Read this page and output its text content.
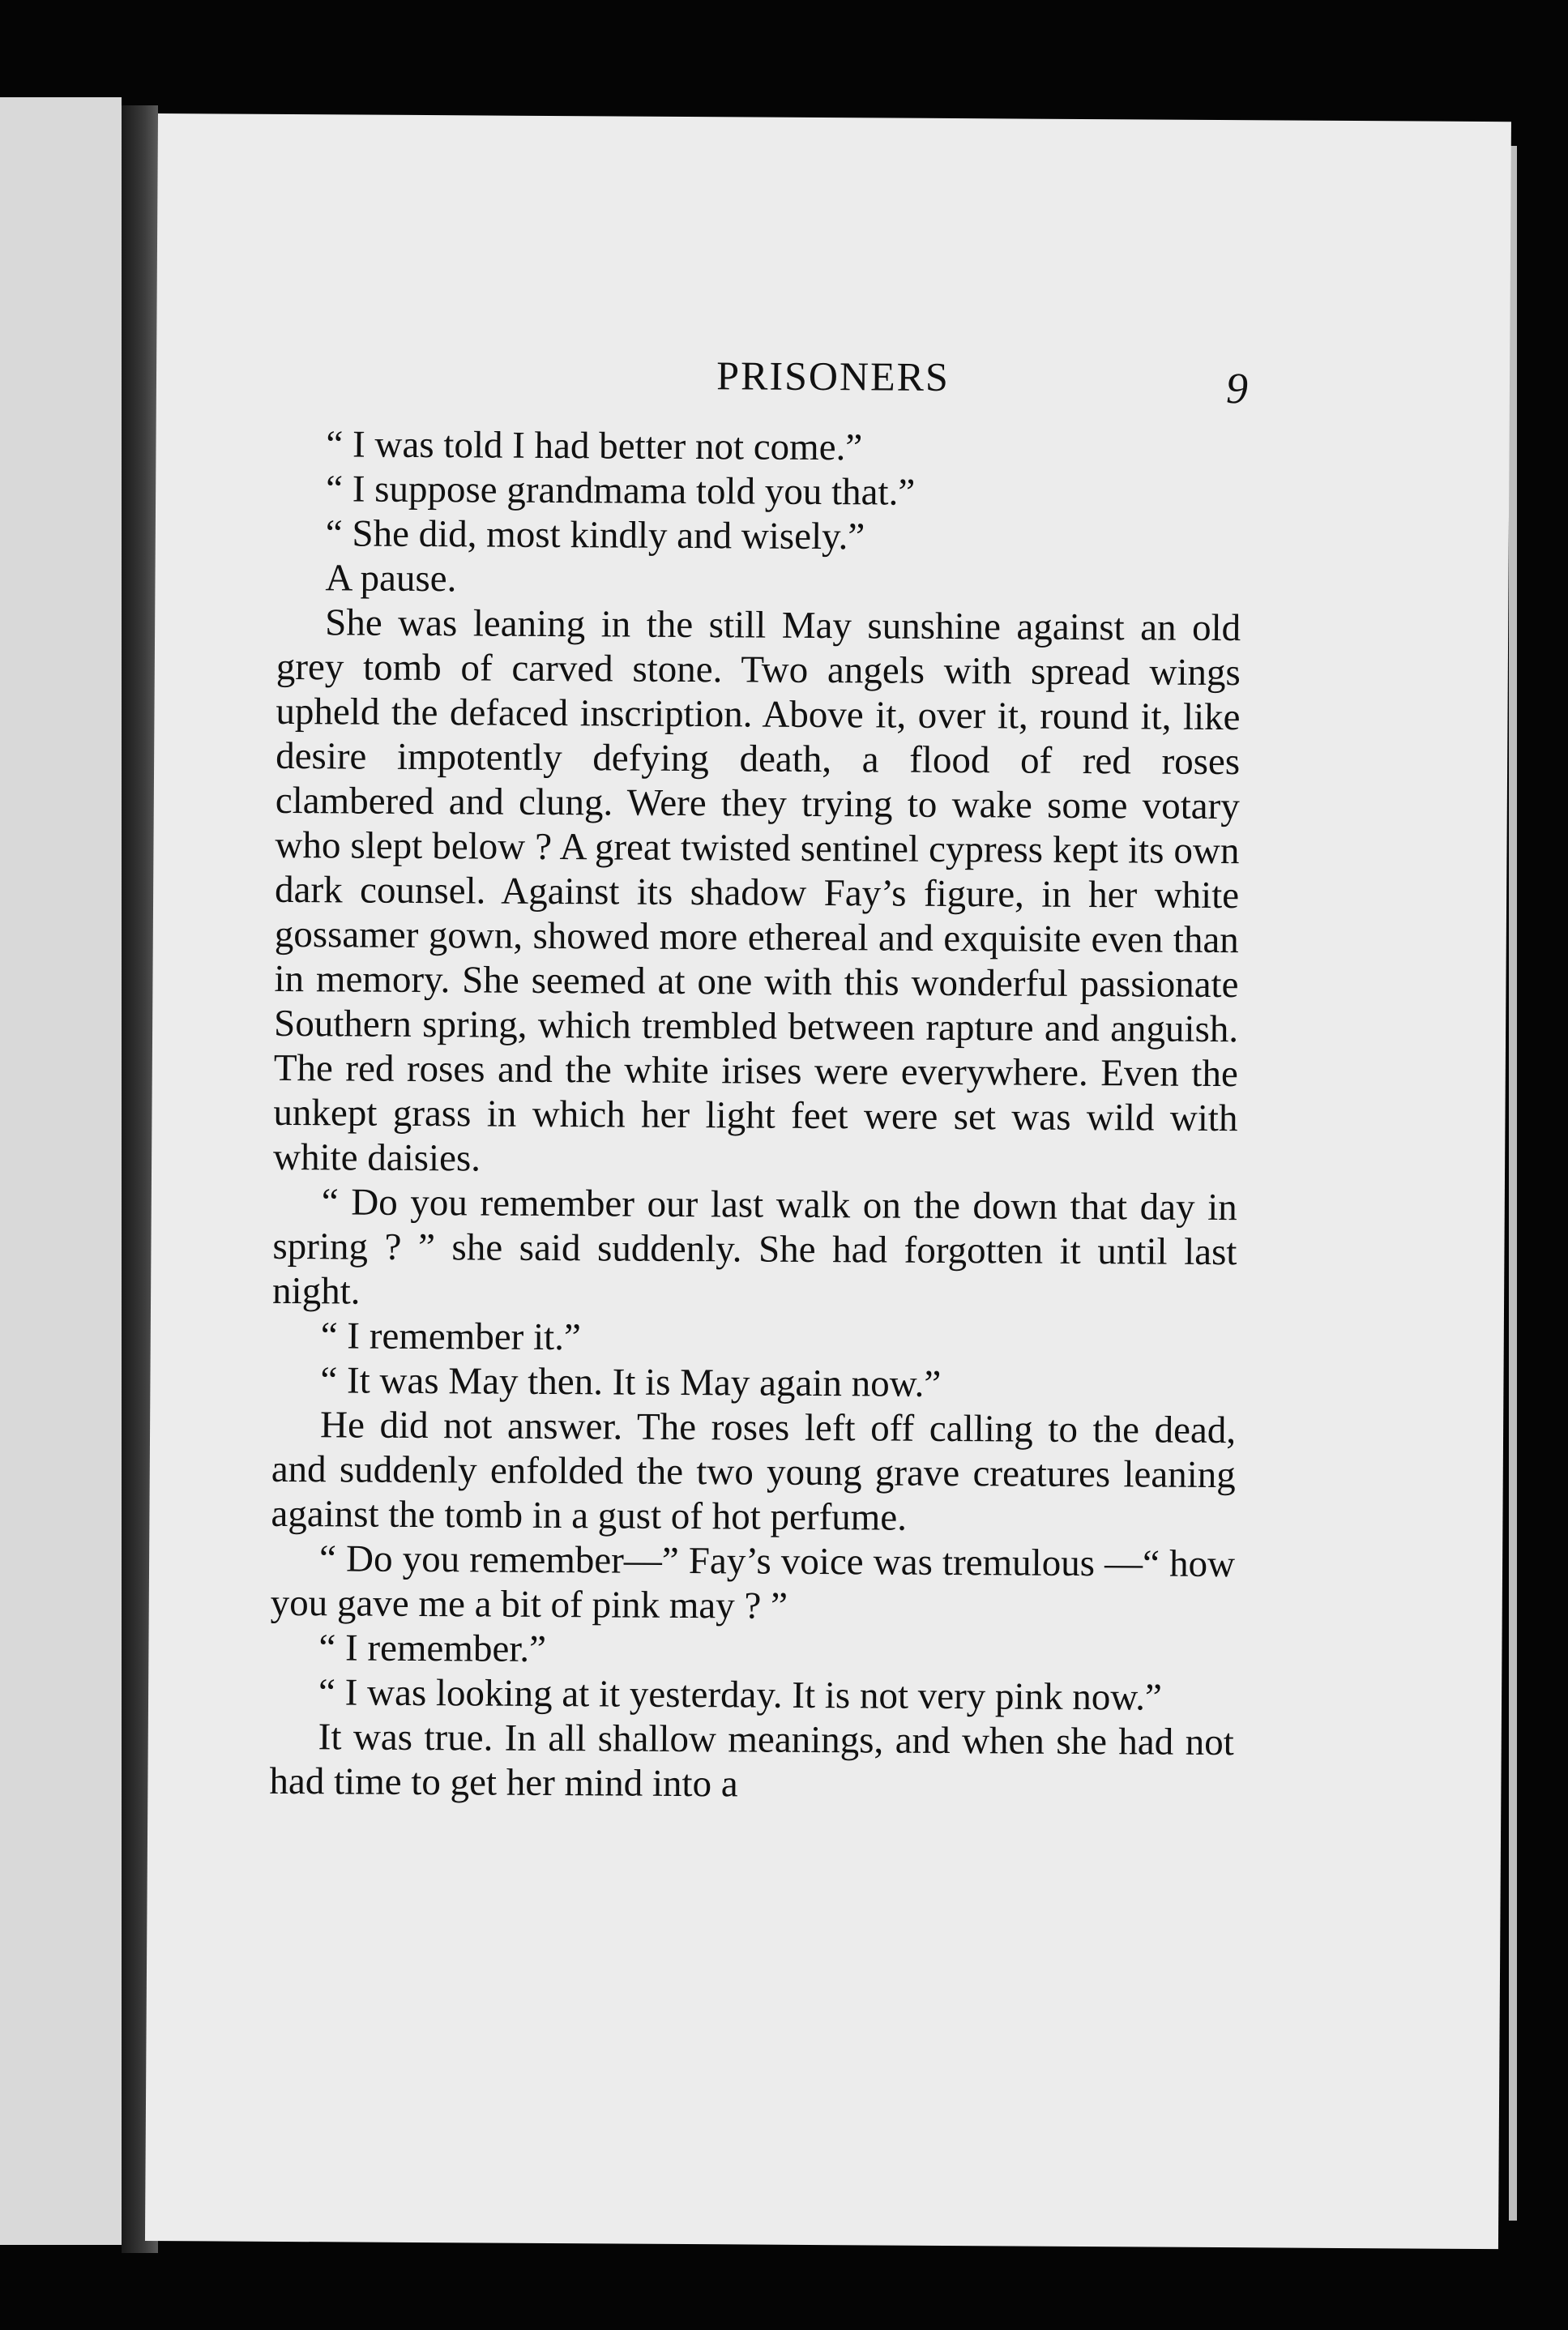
PRISONERS	9

“ I was told I had better not come.”

“ I suppose grandmama told you that.”

“ She did, most kindly and wisely.”

A pause.

She was leaning in the still May sunshine against an old grey tomb of carved stone. Two angels with spread wings upheld the defaced inscription. Above it, over it, round it, like desire impotently defying death, a flood of red roses clambered and clung. Were they trying to wake some votary who slept below ? A great twisted sentinel cypress kept its own dark counsel. Against its shadow Fay’s figure, in her white gossamer gown, showed more ethereal and exquisite even than in memory. She seemed at one with this wonderful passionate Southern spring, which trembled between rapture and anguish. The red roses and the white irises were everywhere. Even the unkept grass in which her light feet were set was wild with white daisies.

“ Do you remember our last walk on the down that day in spring ? ” she said suddenly. She had forgotten it until last night.

“ I remember it.”

“ It was May then. It is May again now.”

He did not answer. The roses left off calling to the dead, and suddenly enfolded the two young grave creatures leaning against the tomb in a gust of hot perfume.

“ Do you remember—” Fay’s voice was tremulous —“ how you gave me a bit of pink may ? ”

“ I remember.”

“ I was looking at it yesterday. It is not very pink now.”

It was true. In all shallow meanings, and when she had not had time to get her mind into a
